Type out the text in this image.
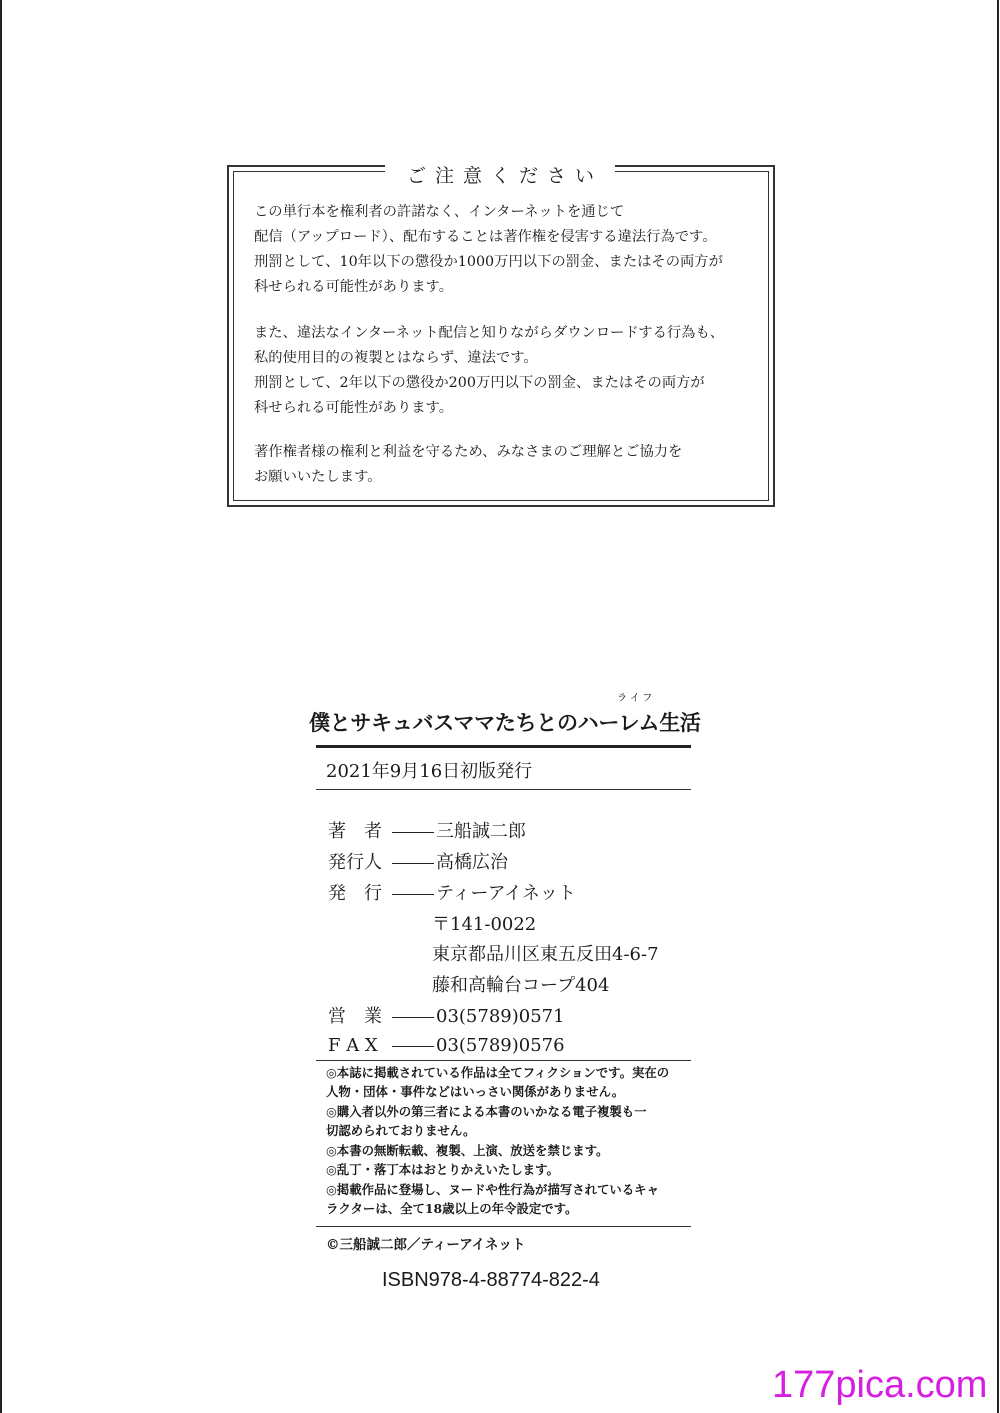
ご注意ください
この単行本を権利者の許諾なく、インターネットを通じて
配信（アップロード）、配布することは著作権を侵害する違法行為です。
刑罰として、10年以下の懲役か1000万円以下の罰金、またはその両方が
科せられる可能性があります。
また、違法なインターネット配信と知りながらダウンロードする行為も、
私的使用目的の複製とはならず、違法です。
刑罰として、2年以下の懲役か200万円以下の罰金、またはその両方が
科せられる可能性があります。
著作権者様の権利と利益を守るため、みなさまのご理解とご協力を
お願いいたします。
ライフ
僕とサキュバスママたちとのハーレム生活
2021年9月16日初版発行
著　者	三船誠二郎
発行人	高橋広治
発　行	ティーアイネット
〒141-0022
東京都品川区東五反田4-6-7
藤和高輪台コープ404
営　業	03(5789)0571
F A X	03(5789)0576
◎本誌に掲載されている作品は全てフィクションです。実在の
人物・団体・事件などはいっさい関係がありません。
◎購入者以外の第三者による本書のいかなる電子複製も一
切認められておりません。
◎本書の無断転載、複製、上演、放送を禁じます。
◎乱丁・落丁本はおとりかえいたします。
◎掲載作品に登場し、ヌードや性行為が描写されているキャ
ラクターは、全て18歳以上の年令設定です。
©三船誠二郎／ティーアイネット
ISBN978-4-88774-822-4
177pica.com
